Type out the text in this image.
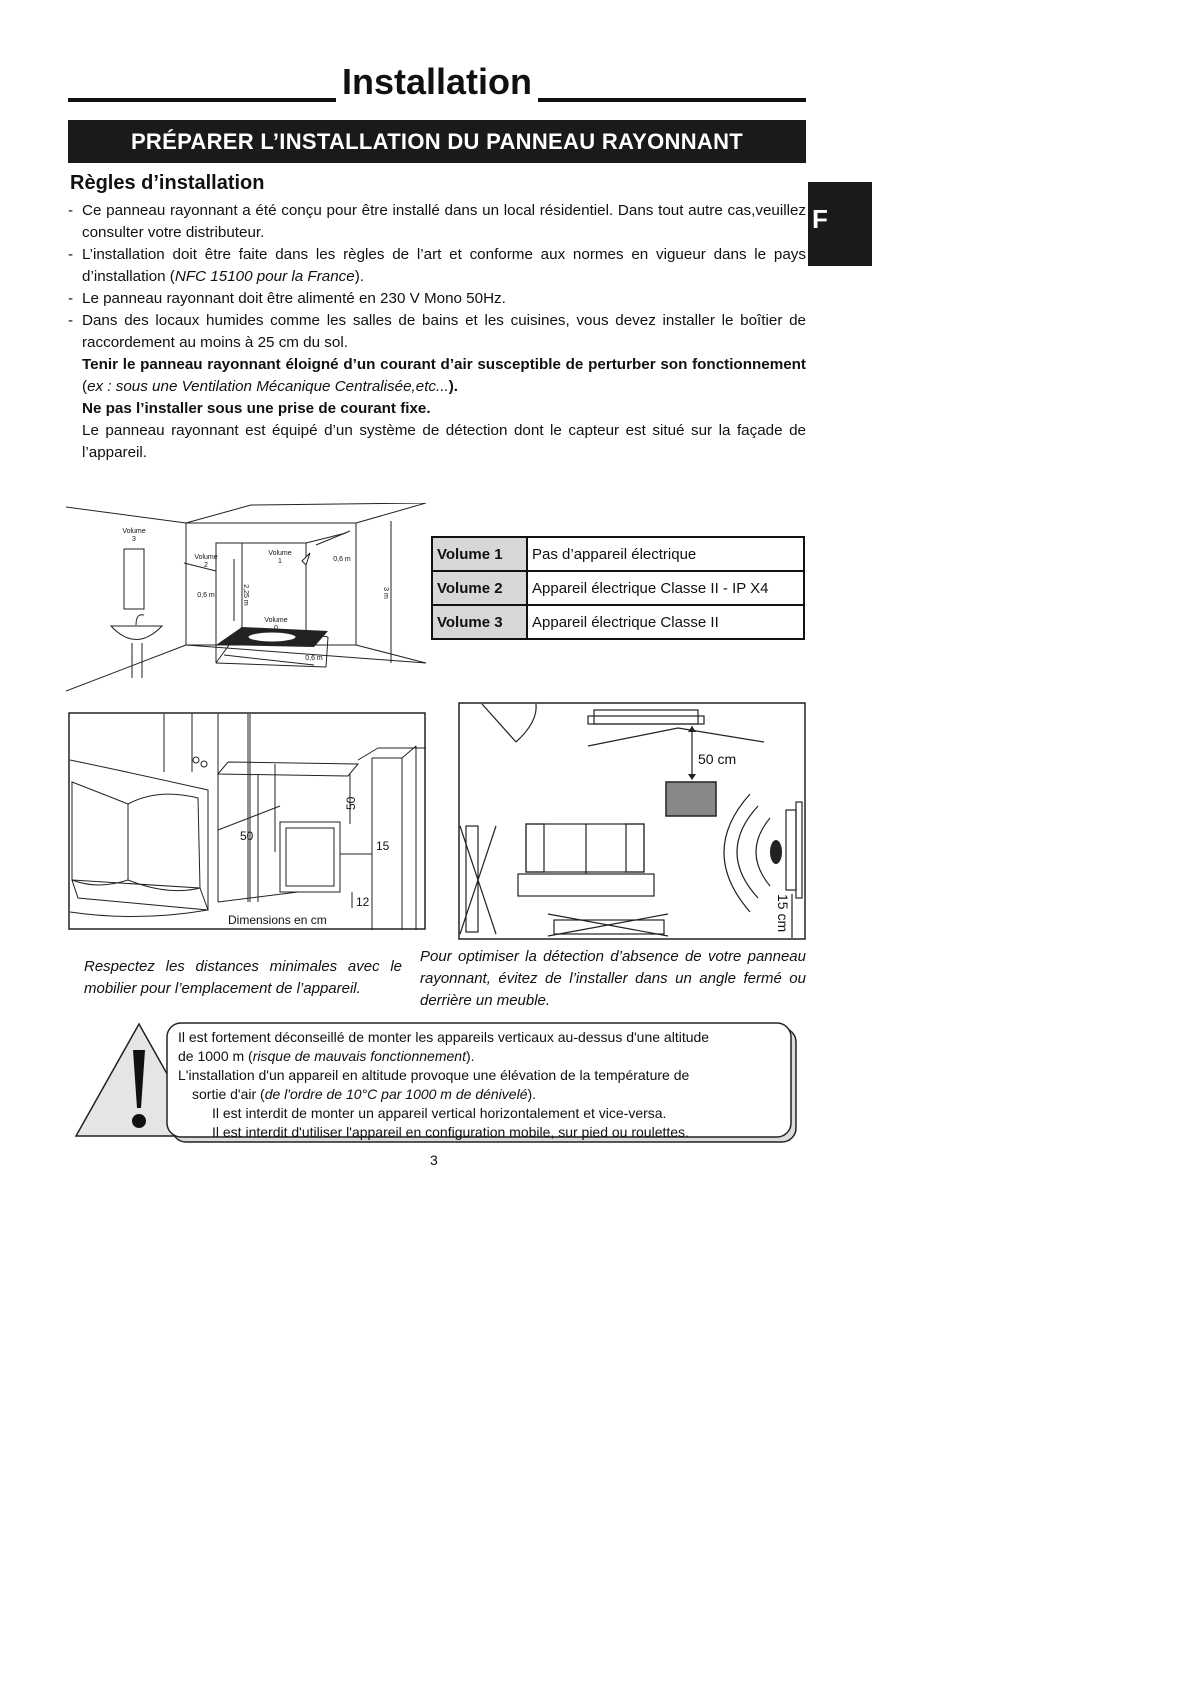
Installation
PRÉPARER L’INSTALLATION DU PANNEAU RAYONNANT
F
Règles d’installation
- Ce panneau rayonnant a été conçu pour être installé dans un local résidentiel. Dans tout autre cas,veuillez consulter votre distributeur.
- L’installation doit être faite dans les règles de l’art et conforme aux normes en vigueur dans le pays d’installation (NFC 15100 pour la France).
- Le panneau rayonnant doit être alimenté en 230 V Mono 50Hz.
- Dans des locaux humides comme les salles de bains et les cuisines, vous devez installer le boîtier de raccordement au moins à 25 cm du sol.
Tenir le panneau rayonnant éloigné d’un courant d’air susceptible de perturber son fonctionnement (ex : sous une Ventilation Mécanique Centralisée,etc...).
Ne pas l’installer sous une prise de courant fixe.
Le panneau rayonnant est équipé d’un système de détection dont le capteur est situé sur la façade de l’appareil.
Volume
3
Volume
2
Volume
1
Volume
0
0,6 m
0,6 m
0,6 m
2,25 m	3 m
Volume 1	Pas d’appareil électrique
Volume 2	Appareil électrique Classe II - IP X4
Volume 3	Appareil électrique Classe II
50
50
15
12
Dimensions en cm
50 cm
15 cm
Respectez les distances minimales avec le mobilier pour l’emplacement de l’appareil.
Pour optimiser la détection d’absence de votre panneau rayonnant, évitez de l’installer dans un angle fermé ou derrière un meuble.
Il est fortement déconseillé de monter les appareils verticaux au-dessus d'une altitude
de 1000 m (risque de mauvais fonctionnement).
L'installation d'un appareil en altitude provoque une élévation de la température de
sortie d'air (de l'ordre de 10°C par 1000 m de dénivelé).
Il est interdit de monter un appareil vertical horizontalement et vice-versa.
Il est interdit d'utiliser l'appareil en configuration mobile, sur pied ou roulettes.
3
